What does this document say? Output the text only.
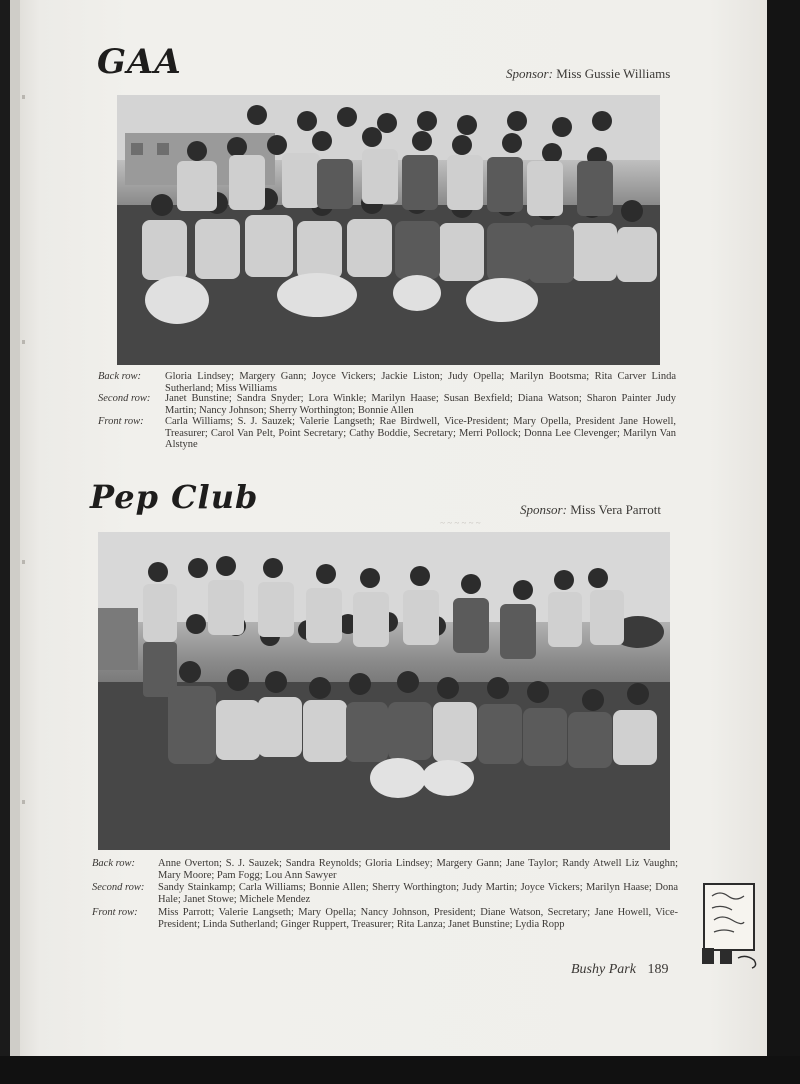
GAA	Sponsor: Miss Gussie Williams
Back row: Gloria Lindsey; Margery Gann; Joyce Vickers; Jackie Liston; Judy Opella; Marilyn Bootsma; Rita Carver Linda Sutherland; Miss Williams
Second row: Janet Bunstine; Sandra Snyder; Lora Winkle; Marilyn Haase; Susan Bexfield; Diana Watson; Sharon Painter Judy Martin; Nancy Johnson; Sherry Worthington; Bonnie Allen
Front row: Carla Williams; S. J. Sauzek; Valerie Langseth; Rae Birdwell, Vice-President; Mary Opella, President Jane Howell, Treasurer; Carol Van Pelt, Point Secretary; Cathy Boddie, Secretary; Merri Pollock; Donna Lee Clevenger; Marilyn Van Alstyne
Pep Club
~ ~ ~ ~ ~ ~
Sponsor: Miss Vera Parrott
Back row: Anne Overton; S. J. Sauzek; Sandra Reynolds; Gloria Lindsey; Margery Gann; Jane Taylor; Randy Atwell Liz Vaughn; Mary Moore; Pam Fogg; Lou Ann Sawyer
Second row: Sandy Stainkamp; Carla Williams; Bonnie Allen; Sherry Worthington; Judy Martin; Joyce Vickers; Marilyn Haase; Dona Hale; Janet Stowe; Michele Mendez
Front row: Miss Parrott; Valerie Langseth; Mary Opella; Nancy Johnson, President; Diane Watson, Secretary; Jane Howell, Vice-President; Linda Sutherland; Ginger Ruppert, Treasurer; Rita Lanza; Janet Bunstine; Lydia Ropp
Bushy Park 189
